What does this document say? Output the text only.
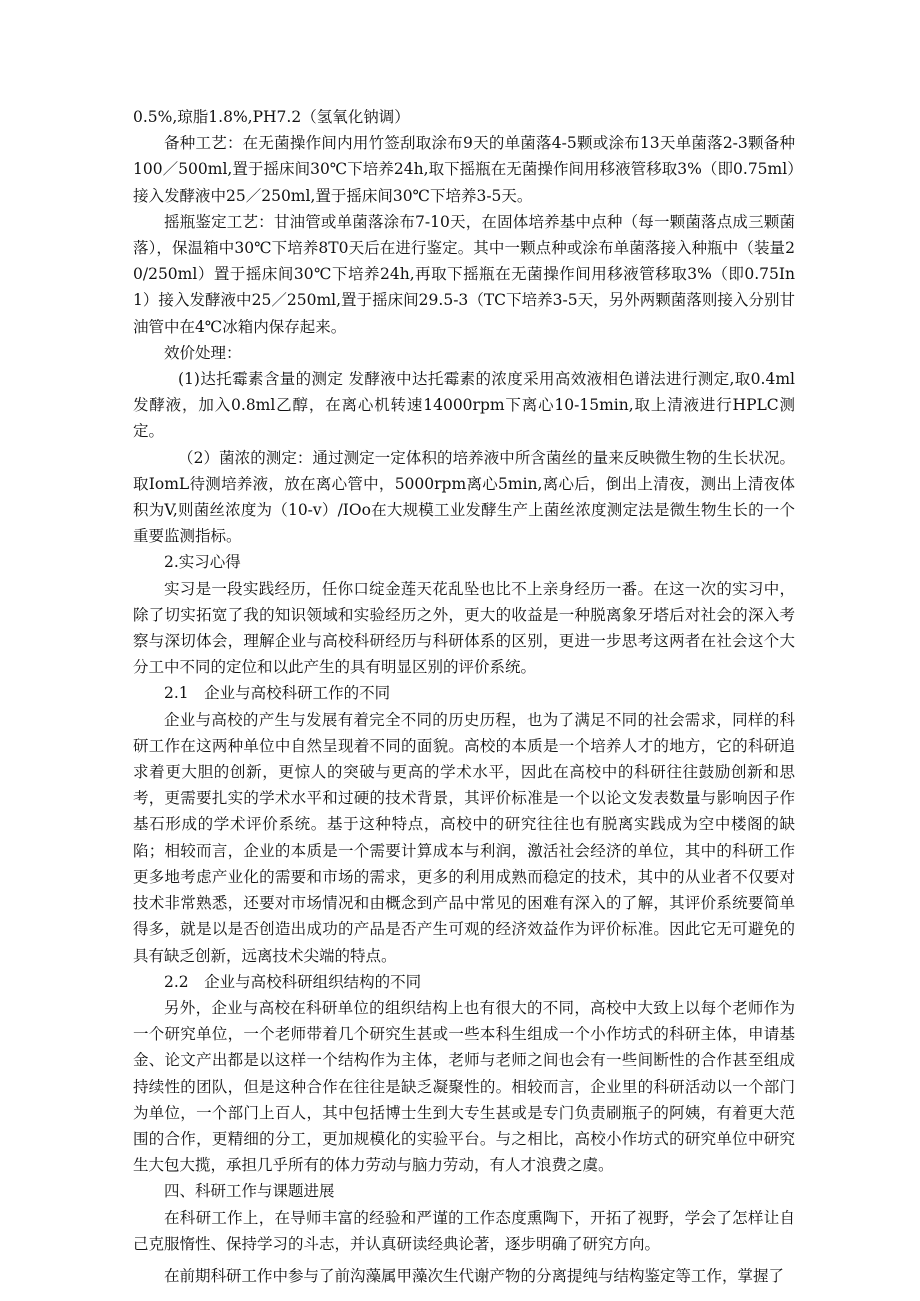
0.5%,琼脂1.8%,PH7.2（氢氧化钠调）

备种工艺：在无菌操作间内用竹签刮取涂布9天的单菌落4-5颗或涂布13天单菌落2-3颗备种100／500ml,置于摇床间30℃下培养24h,取下摇瓶在无菌操作间用移液管移取3%（即0.75ml）接入发酵液中25／250ml,置于摇床间30℃下培养3-5天。

摇瓶鉴定工艺：甘油管或单菌落涂布7-10天，在固体培养基中点种（每一颗菌落点成三颗菌落），保温箱中30℃下培养8T0天后在进行鉴定。其中一颗点种或涂布单菌落接入种瓶中（装量20/250ml）置于摇床间30℃下培养24h,再取下摇瓶在无菌操作间用移液管移取3%（即0.75In1）接入发酵液中25／250ml,置于摇床间29.5-3（TC下培养3-5天，另外两颗菌落则接入分别甘油管中在4℃冰箱内保存起来。

效价处理：

(1)达托霉素含量的测定 发酵液中达托霉素的浓度采用高效液相色谱法进行测定,取0.4ml发酵液，加入0.8ml乙醇，在离心机转速14000rpm下离心10-15min,取上清液进行HPLC测定。

（2）菌浓的测定：通过测定一定体积的培养液中所含菌丝的量来反映微生物的生长状况。取IomL待测培养液，放在离心管中，5000rpm离心5min,离心后，倒出上清夜，测出上清夜体积为V,则菌丝浓度为（10-v）/IOo在大规模工业发酵生产上菌丝浓度测定法是微生物生长的一个重要监测指标。

2.实习心得

实习是一段实践经历，任你口绽金莲天花乱坠也比不上亲身经历一番。在这一次的实习中，除了切实拓宽了我的知识领域和实验经历之外，更大的收益是一种脱离象牙塔后对社会的深入考察与深切体会，理解企业与高校科研经历与科研体系的区别，更进一步思考这两者在社会这个大分工中不同的定位和以此产生的具有明显区别的评价系统。

2.1　企业与高校科研工作的不同

企业与高校的产生与发展有着完全不同的历史历程，也为了满足不同的社会需求，同样的科研工作在这两种单位中自然呈现着不同的面貌。高校的本质是一个培养人才的地方，它的科研追求着更大胆的创新，更惊人的突破与更高的学术水平，因此在高校中的科研往往鼓励创新和思考，更需要扎实的学术水平和过硬的技术背景，其评价标准是一个以论文发表数量与影响因子作基石形成的学术评价系统。基于这种特点，高校中的研究往往也有脱离实践成为空中楼阁的缺陷；相较而言，企业的本质是一个需要计算成本与利润，激活社会经济的单位，其中的科研工作更多地考虑产业化的需要和市场的需求，更多的利用成熟而稳定的技术，其中的从业者不仅要对技术非常熟悉，还要对市场情况和由概念到产品中常见的困难有深入的了解，其评价系统要简单得多，就是以是否创造出成功的产品是否产生可观的经济效益作为评价标准。因此它无可避免的具有缺乏创新，远离技术尖端的特点。

2.2　企业与高校科研组织结构的不同

另外，企业与高校在科研单位的组织结构上也有很大的不同，高校中大致上以每个老师作为一个研究单位，一个老师带着几个研究生甚或一些本科生组成一个小作坊式的科研主体，申请基金、论文产出都是以这样一个结构作为主体，老师与老师之间也会有一些间断性的合作甚至组成持续性的团队，但是这种合作在往往是缺乏凝聚性的。相较而言，企业里的科研活动以一个部门为单位，一个部门上百人，其中包括博士生到大专生甚或是专门负责刷瓶子的阿姨，有着更大范围的合作，更精细的分工，更加规模化的实验平台。与之相比，高校小作坊式的研究单位中研究生大包大揽，承担几乎所有的体力劳动与脑力劳动，有人才浪费之虞。

四、科研工作与课题进展

在科研工作上，在导师丰富的经验和严谨的工作态度熏陶下，开拓了视野，学会了怎样让自己克服惰性、保持学习的斗志，并认真研读经典论著，逐步明确了研究方向。

在前期科研工作中参与了前沟藻属甲藻次生代谢产物的分离提纯与结构鉴定等工作，掌握了
